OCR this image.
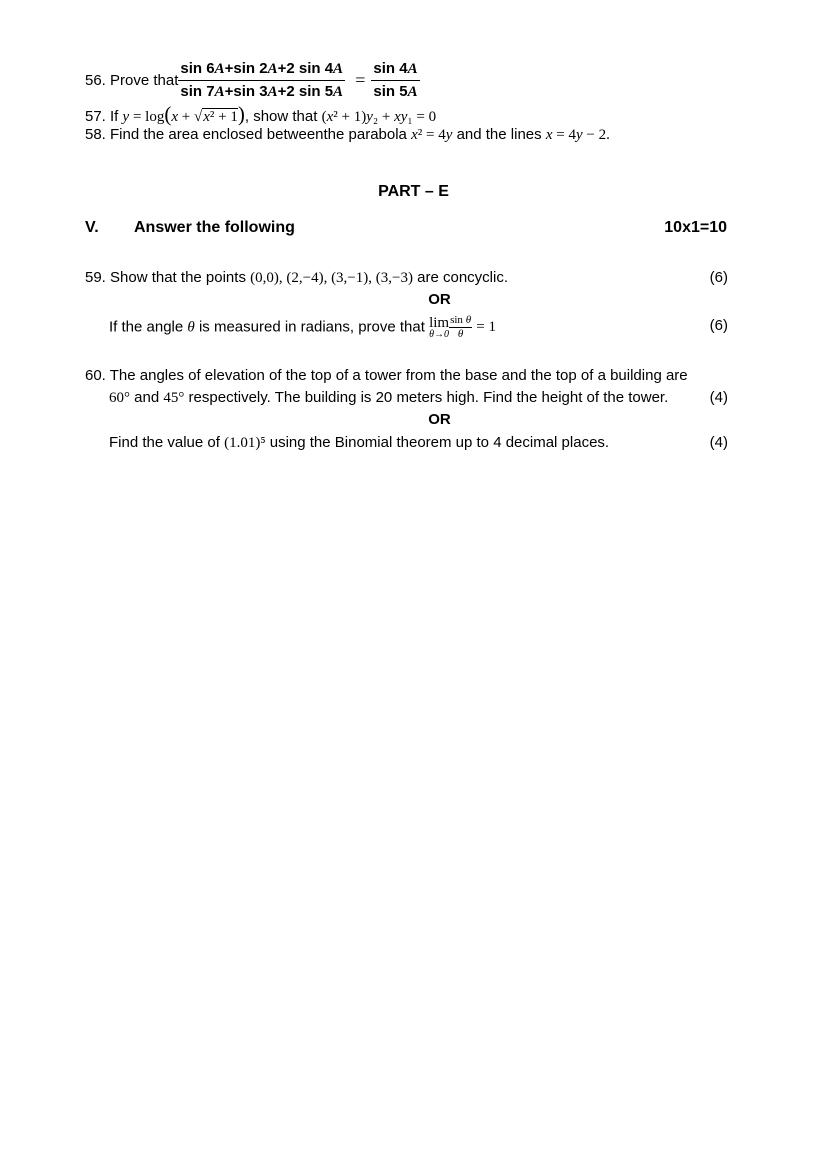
56. Prove that $\frac{\sin 6A+\sin 2A+2 \sin 4A}{\sin 7A+\sin 3A+2 \sin 5A} = \frac{\sin 4A}{\sin 5A}$
57. If y = log(x + √x² + 1), show that (x² + 1)y₂ + xy₁ = 0
58. Find the area enclosed betweenthe parabola x² = 4y and the lines x = 4y − 2.
PART – E
V. Answer the following	10x1=10
59. Show that the points (0,0), (2,−4), (3,−1), (3,−3) are concyclic.	(6)
OR
If the angle θ is measured in radians, prove that lim
$\theta\to 0 \frac{\text{sin θ}}{\theta} = 1$	(6)
60. The angles of elevation of the top of a tower from the base and the top of a building are
60° and 45° respectively. The building is 20 meters high. Find the height of the tower.	(4)
OR
Find the value of (1.01)⁵ using the Binomial theorem up to 4 decimal places.	(4)
